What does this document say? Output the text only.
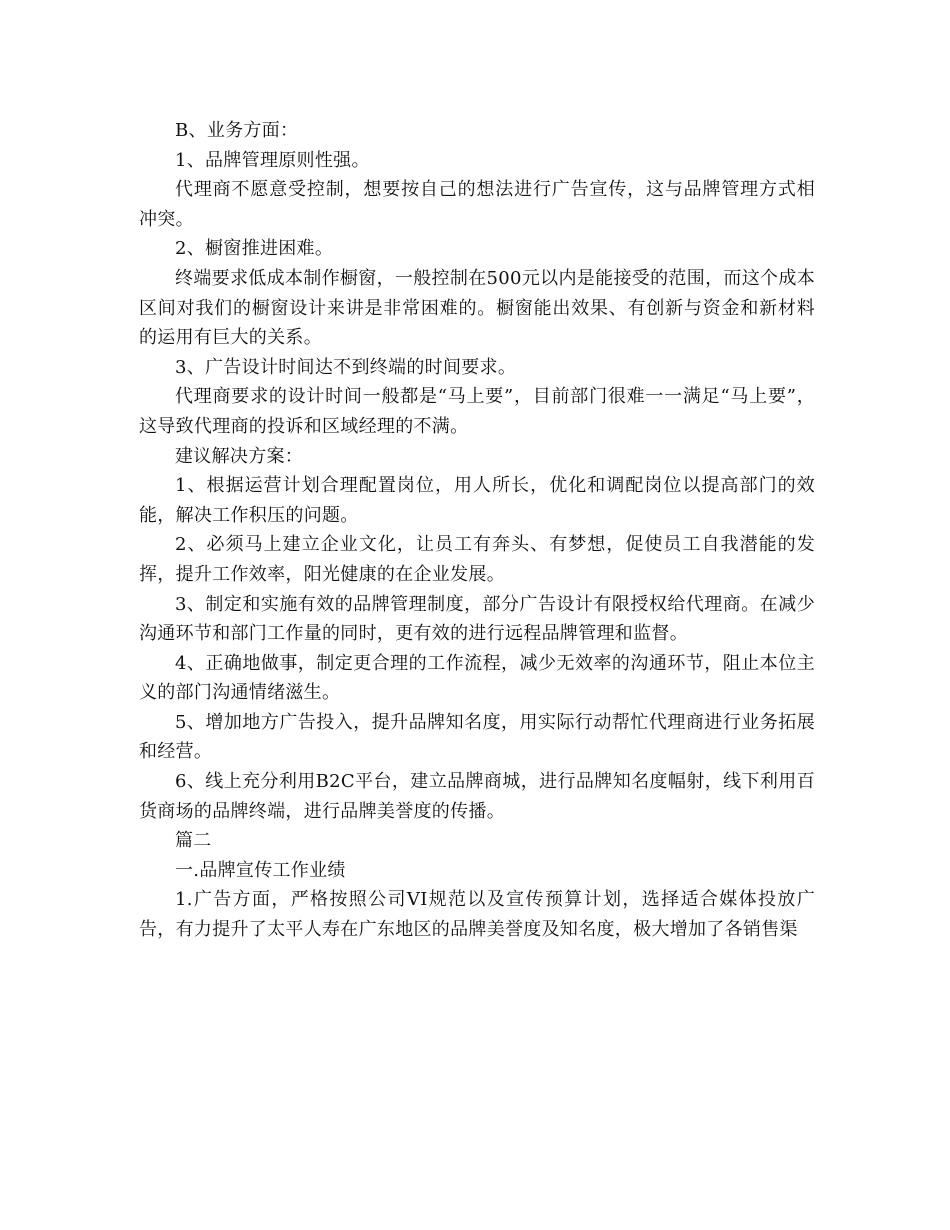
B、业务方面：

1、品牌管理原则性强。

代理商不愿意受控制，想要按自己的想法进行广告宣传，这与品牌管理方式相冲突。

2、橱窗推进困难。

终端要求低成本制作橱窗，一般控制在500元以内是能接受的范围，而这个成本区间对我们的橱窗设计来讲是非常困难的。橱窗能出效果、有创新与资金和新材料的运用有巨大的关系。

3、广告设计时间达不到终端的时间要求。

代理商要求的设计时间一般都是“马上要”，目前部门很难一一满足“马上要”，这导致代理商的投诉和区域经理的不满。

建议解决方案：

1、根据运营计划合理配置岗位，用人所长，优化和调配岗位以提高部门的效能，解决工作积压的问题。

2、必须马上建立企业文化，让员工有奔头、有梦想，促使员工自我潜能的发挥，提升工作效率，阳光健康的在企业发展。

3、制定和实施有效的品牌管理制度，部分广告设计有限授权给代理商。在减少沟通环节和部门工作量的同时，更有效的进行远程品牌管理和监督。

4、正确地做事，制定更合理的工作流程，减少无效率的沟通环节，阻止本位主义的部门沟通情绪滋生。

5、增加地方广告投入，提升品牌知名度，用实际行动帮忙代理商进行业务拓展和经营。

6、线上充分利用B2C平台，建立品牌商城，进行品牌知名度幅射，线下利用百货商场的品牌终端，进行品牌美誉度的传播。

篇二

一.品牌宣传工作业绩

1.广告方面，严格按照公司VI规范以及宣传预算计划，选择适合媒体投放广告，有力提升了太平人寿在广东地区的品牌美誉度及知名度，极大增加了各销售渠
